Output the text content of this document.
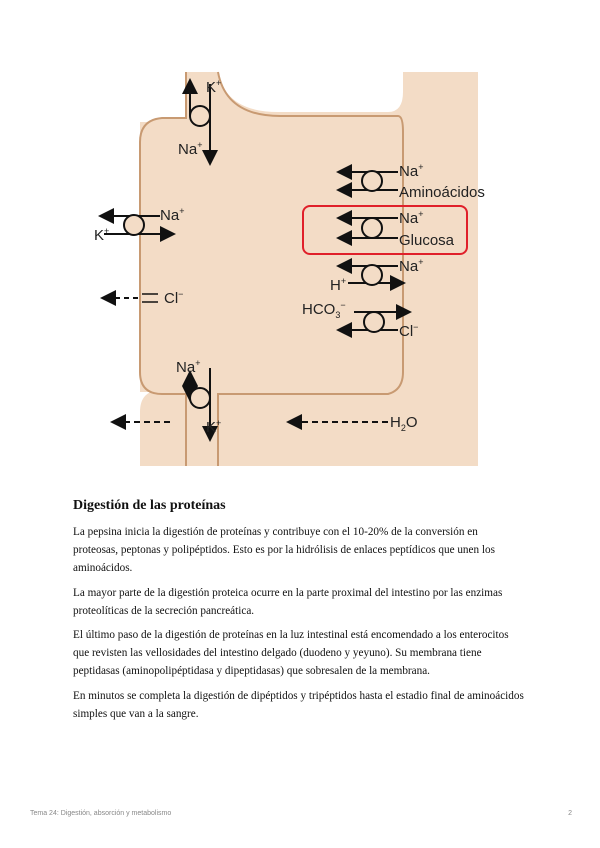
K+
Na+
Na+
Aminoácidos
Na+
K+
Na+
Glucosa
Na+
H+
Cl−
$HCO_3^-$
Cl−
Na+
K+	$H_2O$
Digestión de las proteínas

La pepsina inicia la digestión de proteínas y contribuye con el 10-20% de la conversión en proteosas, peptonas y polipéptidos. Esto es por la hidrólisis de enlaces peptídicos que unen los aminoácidos.

La mayor parte de la digestión proteica ocurre en la parte proximal del intestino por las enzimas proteolíticas de la secreción pancreática.

El último paso de la digestión de proteínas en la luz intestinal está encomendado a los enterocitos que revisten las vellosidades del intestino delgado (duodeno y yeyuno). Su membrana tiene peptidasas (aminopolipéptidasa y dipeptidasas) que sobresalen de la membrana.

En minutos se completa la digestión de dipéptidos y tripéptidos hasta el estadio final de aminoácidos simples que van a la sangre.

Tema 24: Digestión, absorción y metabolismo	2
